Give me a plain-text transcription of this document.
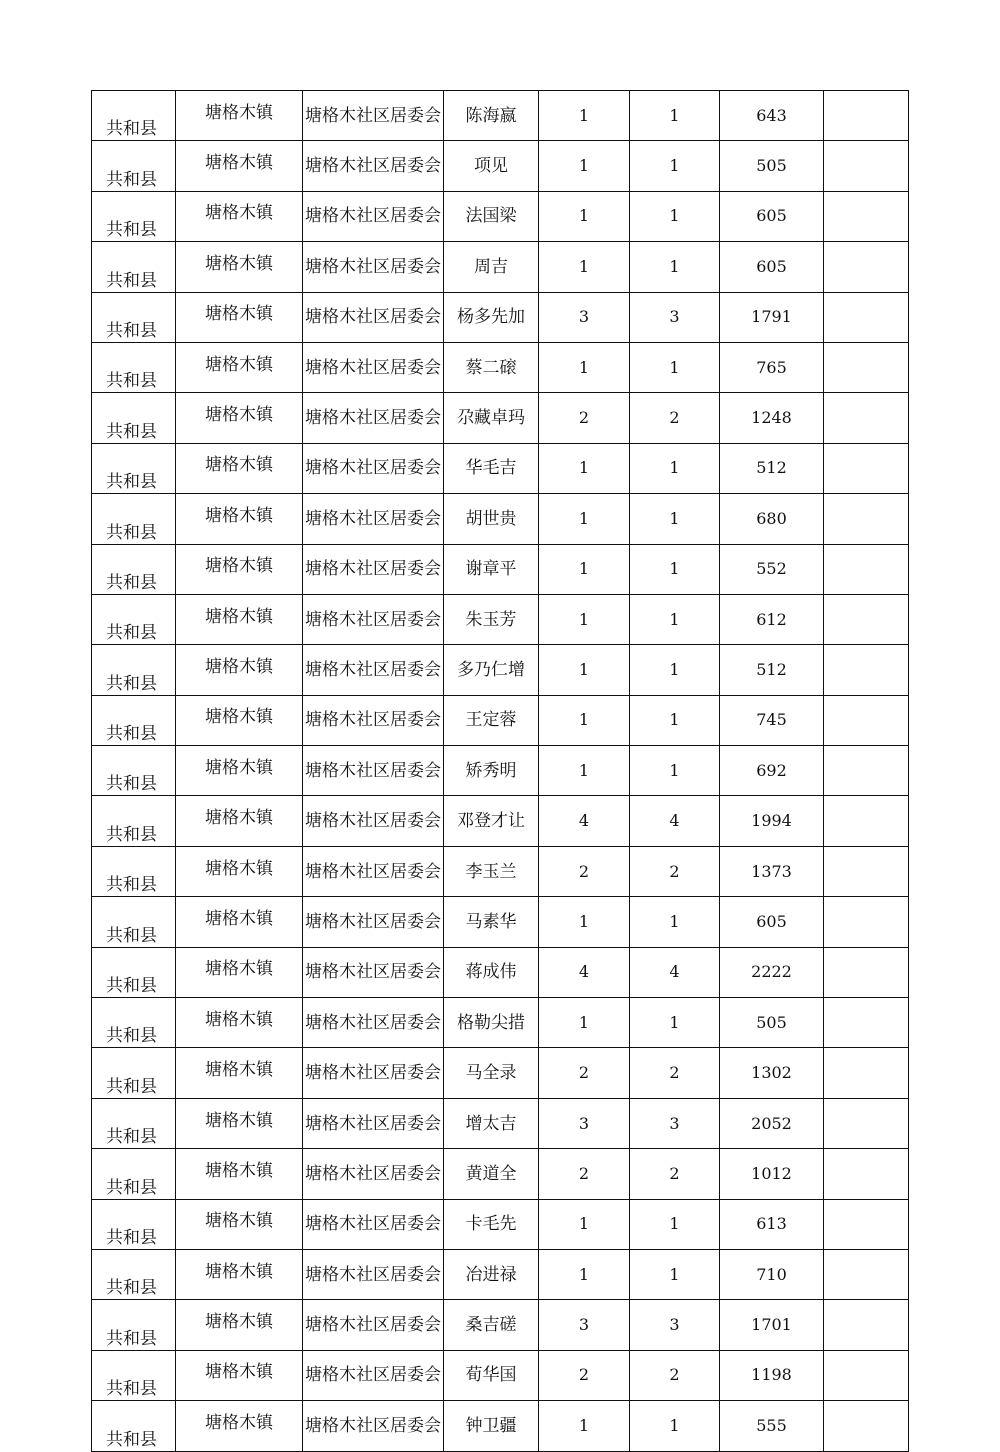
共和县	塘格木镇	塘格木社区居委会	陈海嬴	1	1	643	
共和县	塘格木镇	塘格木社区居委会	项见	1	1	505	
共和县	塘格木镇	塘格木社区居委会	法国梁	1	1	605	
共和县	塘格木镇	塘格木社区居委会	周吉	1	1	605	
共和县	塘格木镇	塘格木社区居委会	杨多先加	3	3	1791	
共和县	塘格木镇	塘格木社区居委会	蔡二磙	1	1	765	
共和县	塘格木镇	塘格木社区居委会	尕藏卓玛	2	2	1248	
共和县	塘格木镇	塘格木社区居委会	华毛吉	1	1	512	
共和县	塘格木镇	塘格木社区居委会	胡世贵	1	1	680	
共和县	塘格木镇	塘格木社区居委会	谢章平	1	1	552	
共和县	塘格木镇	塘格木社区居委会	朱玉芳	1	1	612	
共和县	塘格木镇	塘格木社区居委会	多乃仁增	1	1	512	
共和县	塘格木镇	塘格木社区居委会	王定蓉	1	1	745	
共和县	塘格木镇	塘格木社区居委会	矫秀明	1	1	692	
共和县	塘格木镇	塘格木社区居委会	邓登才让	4	4	1994	
共和县	塘格木镇	塘格木社区居委会	李玉兰	2	2	1373	
共和县	塘格木镇	塘格木社区居委会	马素华	1	1	605	
共和县	塘格木镇	塘格木社区居委会	蒋成伟	4	4	2222	
共和县	塘格木镇	塘格木社区居委会	格勒尖措	1	1	505	
共和县	塘格木镇	塘格木社区居委会	马全录	2	2	1302	
共和县	塘格木镇	塘格木社区居委会	增太吉	3	3	2052	
共和县	塘格木镇	塘格木社区居委会	黄道全	2	2	1012	
共和县	塘格木镇	塘格木社区居委会	卡毛先	1	1	613	
共和县	塘格木镇	塘格木社区居委会	冶进禄	1	1	710	
共和县	塘格木镇	塘格木社区居委会	桑吉磋	3	3	1701	
共和县	塘格木镇	塘格木社区居委会	荀华国	2	2	1198	
共和县	塘格木镇	塘格木社区居委会	钟卫疆	1	1	555	
